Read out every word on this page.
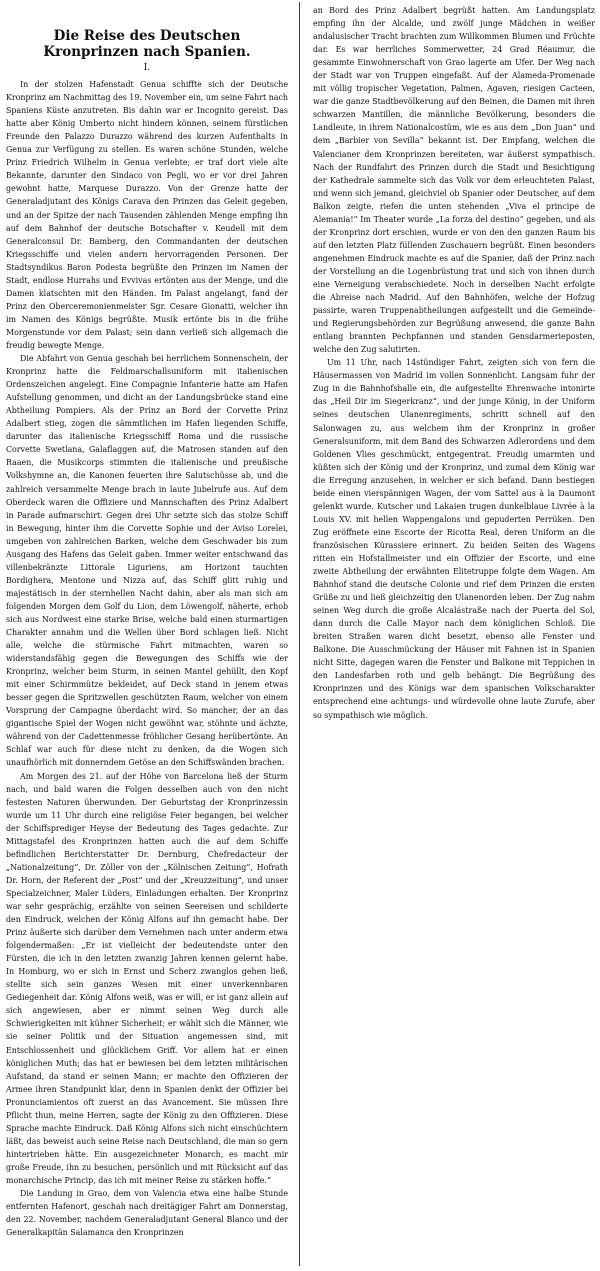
Die Reise des Deutschen Kronprinzen nach Spanien.
I.

In der stolzen Hafenstadt Genua schiffte sich der Deutsche Kronprinz am Nachmittag des 19. November ein, um seine Fahrt nach Spaniens Küste anzutreten. Bis dahin war er Incognito gereist. Das hatte aber König Umberto nicht hindern können, seinem fürstlichen Freunde den Palazzo Durazzo während des kurzen Aufenthalts in Genua zur Verfügung zu stellen. Es waren schöne Stunden, welche Prinz Friedrich Wilhelm in Genua verlebte; er traf dort viele alte Bekannte, darunter den Sindaco von Pegli, wo er vor drei Jahren gewohnt hatte, Marquese Durazzo. Von der Grenze hatte der Generaladjutant des Königs Carava den Prinzen das Geleit gegeben, und an der Spitze der nach Tausenden zählenden Menge empfing ihn auf dem Bahnhof der deutsche Botschafter v. Keudell mit dem Generalconsul Dr. Bamberg, den Commandanten der deutschen Kriegsschiffe und vielen andern hervorragenden Personen. Der Stadtsyndikus Baron Podesta begrüßte den Prinzen im Namen der Stadt, endlose Hurrahs und Evvivas ertönten aus der Menge, und die Damen klatschten mit den Händen. Im Palast angelangt, fand der Prinz den Oberceremonienmeister Sgr. Cesare Gionatti, welcher ihn im Namen des Königs begrüßte. Musik ertönte bis in die frühe Morgenstunde vor dem Palast; sein dann verließ sich allgemach die freudig bewegte Menge.

Die Abfahrt von Genua geschah bei herrlichem Sonnenschein, der Kronprinz hatte die Feldmarschallsuniform mit italienischen Ordenszeichen angelegt. Eine Compagnie Infanterie hatte am Hafen Aufstellung genommen, und dicht an der Landungsbrücke stand eine Abtheilung Pompiers. Als der Prinz an Bord der Corvette Prinz Adalbert stieg, zogen die sämmtlichen im Hafen liegenden Schiffe, darunter das italienische Kriegsschiff Roma und die russische Corvette Swetlana, Galaflaggen auf, die Matrosen standen auf den Raaen, die Musikcorps stimmten die italienische und preußische Volkshymne an, die Kanonen feuerten ihre Salutschüsse ab, und die zahlreich versammelte Menge brach in laute Jubelrufe aus. Auf dem Oberdeck waren die Offiziere und Mannschaften des Prinz Adalbert in Parade aufmarschirt. Gegen drei Uhr setzte sich das stolze Schiff in Bewegung, hinter ihm die Corvette Sophie und der Aviso Lorelei, umgeben von zahlreichen Barken, welche dem Geschwader bis zum Ausgang des Hafens das Geleit gaben. Immer weiter entschwand das villenbekränzte Littorale Liguriens, am Horizont tauchten Bordighera, Mentone und Nizza auf, das Schiff glitt ruhig und majestätisch in der sternhellen Nacht dahin, aber als man sich am folgenden Morgen dem Golf du Lion, dem Löwengolf, näherte, erhob sich aus Nordwest eine starke Brise, welche bald einen sturmartigen Charakter annahm und die Wellen über Bord schlagen ließ. Nicht alle, welche die stürmische Fahrt mitmachten, waren so widerstandsfähig gegen die Bewegungen des Schiffs wie der Kronprinz, welcher beim Sturm, in seinen Mantel gehüllt, den Kopf mit einer Schirmmütze bekleidet, auf Deck stand in jenem etwas besser gegen die Spritzwellen geschützten Raum, welcher von einem Vorsprung der Campagne überdacht wird. So mancher, der an das gigantische Spiel der Wogen nicht gewöhnt war, stöhnte und ächzte, während von der Cadettenmesse fröhlicher Gesang herübertönte. An Schlaf war auch für diese nicht zu denken, da die Wogen sich unaufhörlich mit donnerndem Getöse an den Schiffswänden brachen.

Am Morgen des 21. auf der Höhe von Barcelona ließ der Sturm nach, und bald waren die Folgen desselben auch von den nicht festesten Naturen überwunden. Der Geburtstag der Kronprinzessin wurde um 11 Uhr durch eine religiöse Feier begangen, bei welcher der Schiffsprediger Heyse der Bedeutung des Tages gedachte. Zur Mittagstafel des Kronprinzen hatten auch die auf dem Schiffe befindlichen Berichterstatter Dr. Dernburg, Chefredacteur der „Nationalzeitung“, Dr. Zöller von der „Kölnischen Zeitung“, Hofrath Dr. Horn, der Referent der „Post“ und der „Kreuzzeitung“, und unser Specialzeichner, Maler Lüders, Einladungen erhalten. Der Kronprinz war sehr gesprächig, erzählte von seinen Seereisen und schilderte den Eindruck, welchen der König Alfons auf ihn gemacht habe. Der Prinz äußerte sich darüber dem Vernehmen nach unter anderm etwa folgendermaßen: „Er ist vielleicht der bedeutendste unter den Fürsten, die ich in den letzten zwanzig Jahren kennen gelernt habe. In Homburg, wo er sich in Ernst und Scherz zwanglos gehen ließ, stellte sich sein ganzes Wesen mit einer unverkennbaren Gediegenheit dar. König Alfons weiß, was er will, er ist ganz allein auf sich angewiesen, aber er nimmt seinen Weg durch alle Schwierigkeiten mit kühner Sicherheit; er wählt sich die Männer, wie sie seiner Politik und der Situation angemessen sind, mit Entschlossenheit und glücklichem Griff. Vor allem hat er einen königlichen Muth; das hat er bewiesen bei dem letzten militärischen Aufstand, da stand er seinen Mann; er machte den Offizieren der Armee ihren Standpunkt klar, denn in Spanien denkt der Offizier bei Pronunciamientos oft zuerst an das Avancement. Sie müssen Ihre Pflicht thun, meine Herren, sagte der König zu den Offizieren. Diese Sprache machte Eindruck. Daß König Alfons sich nicht einschüchtern läßt, das beweist auch seine Reise nach Deutschland, die man so gern hintertrieben hätte. Ein ausgezeichneter Monarch, es macht mir große Freude, ihn zu besuchen, persönlich und mit Rücksicht auf das monarchische Princip, das ich mit meiner Reise zu stärken hoffe.“

Die Landung in Grao, dem von Valencia etwa eine halbe Stunde entfernten Hafenort, geschah nach dreitägiger Fahrt am Donnerstag, den 22. November, nachdem Generaladjutant General Blanco und der Generalkapitän Salamanca den Kronprinzen

an Bord des Prinz Adalbert begrüßt hatten. Am Landungsplatz empfing ihn der Alcalde, und zwölf junge Mädchen in weißer andalusischer Tracht brachten zum Willkommen Blumen und Früchte dar. Es war herrliches Sommerwetter, 24 Grad Réaumur, die gesammte Einwohnerschaft von Grao lagerte am Ufer. Der Weg nach der Stadt war von Truppen eingefaßt. Auf der Alameda-Promenade mit völlig tropischer Vegetation, Palmen, Agaven, riesigen Cacteen, war die ganze Stadtbevölkerung auf den Beinen, die Damen mit ihren schwarzen Mantillen, die männliche Bevölkerung, besonders die Landleute, in ihrem Nationalcostüm, wie es aus dem „Don Juan“ und dem „Barbier von Sevilla“ bekannt ist. Der Empfang, welchen die Valencianer dem Kronprinzen bereiteten, war äußerst sympathisch. Nach der Rundfahrt des Prinzen durch die Stadt und Besichtigung der Kathedrale sammelte sich das Volk vor dem erleuchteten Palast, und wenn sich jemand, gleichviel ob Spanier oder Deutscher, auf dem Balkon zeigte, riefen die unten stehenden „Viva el principe de Alemania!“ Im Theater wurde „La forza del destino“ gegeben, und als der Kronprinz dort erschien, wurde er von den den ganzen Raum bis auf den letzten Platz füllenden Zuschauern begrüßt. Einen besonders angenehmen Eindruck machte es auf die Spanier, daß der Prinz nach der Vorstellung an die Logenbrüstung trat und sich von ihnen durch eine Verneigung verabschiedete. Noch in derselben Nacht erfolgte die Abreise nach Madrid. Auf den Bahnhöfen, welche der Hofzug passirte, waren Truppenabtheilungen aufgestellt und die Gemeinde- und Regierungsbehörden zur Begrüßung anwesend, die ganze Bahn entlang brannten Pechpfannen und standen Gensdarmerieposten, welche den Zug salutirten.

Um 11 Uhr, nach 14stündiger Fahrt, zeigten sich von fern die Häusermassen von Madrid im vollen Sonnenlicht. Langsam fuhr der Zug in die Bahnhofshalle ein, die aufgestellte Ehrenwache intonirte das „Heil Dir im Siegerkranz“, und der junge König, in der Uniform seines deutschen Ulanenregiments, schritt schnell auf den Salonwagen zu, aus welchem ihm der Kronprinz in großer Generalsuniform, mit dem Band des Schwarzen Adlerordens und dem Goldenen Vlies geschmückt, entgegentrat. Freudig umarmten und küßten sich der König und der Kronprinz, und zumal dem König war die Erregung anzusehen, in welcher er sich befand. Dann bestiegen beide einen vierspännigen Wagen, der vom Sattel aus à la Daumont gelenkt wurde. Kutscher und Lakaien trugen dunkelblaue Livrée à la Louis XV. mit hellen Wappengalons und gepuderten Perrüken. Den Zug eröffnete eine Escorte der Ricotta Real, deren Uniform an die französischen Kürassiere erinnert. Zu beiden Seiten des Wagens ritten ein Hofstallmeister und ein Offizier der Escorte, und eine zweite Abtheilung der erwähnten Elitetruppe folgte dem Wagen. Am Bahnhof stand die deutsche Colonie und rief dem Prinzen die ersten Grüße zu und ließ gleichzeitig den Ulanenorden leben. Der Zug nahm seinen Weg durch die große Alcalástraße nach der Puerta del Sol, dann durch die Calle Mayor nach dem königlichen Schloß. Die breiten Straßen waren dicht besetzt, ebenso alle Fenster und Balkone. Die Ausschmückung der Häuser mit Fahnen ist in Spanien nicht Sitte, dagegen waren die Fenster und Balkone mit Teppichen in den Landesfarben roth und gelb behängt. Die Begrüßung des Kronprinzen und des Königs war dem spanischen Volkscharakter entsprechend eine achtungs- und würdevolle ohne laute Zurufe, aber so sympathisch wie möglich.
